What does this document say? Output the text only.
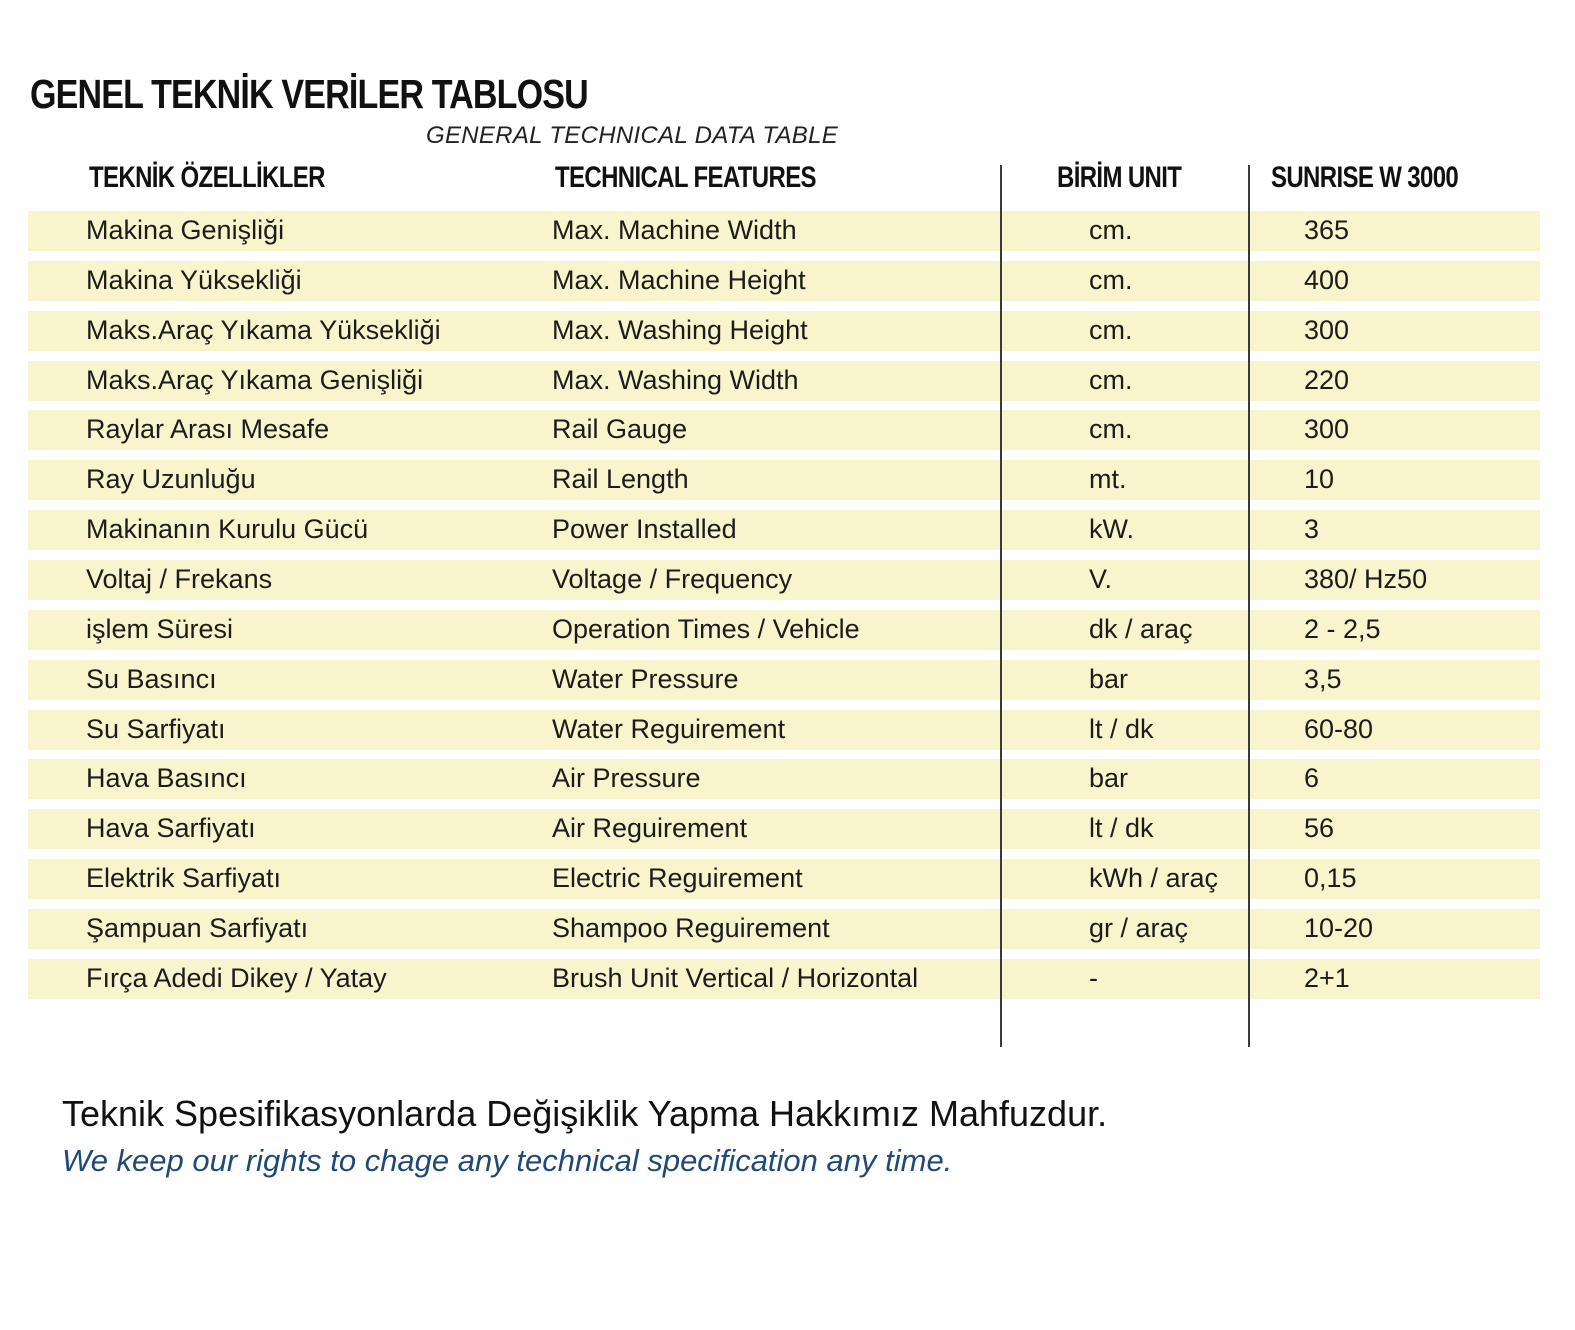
GENEL TEKNİK VERİLER TABLOSU
GENERAL TECHNICAL DATA TABLE
TEKNİK ÖZELLİKLER	TECHNICAL FEATURES	BİRİM UNIT	SUNRISE W 3000
Makina Genişliği	Max. Machine Width	cm.	365
Makina Yüksekliği	Max. Machine Height	cm.	400
Maks.Araç Yıkama Yüksekliği	Max. Washing Height	cm.	300
Maks.Araç Yıkama Genişliği	Max. Washing Width	cm.	220
Raylar Arası Mesafe	Rail Gauge	cm.	300
Ray Uzunluğu	Rail Length	mt.	10
Makinanın Kurulu Gücü	Power Installed	kW.	3
Voltaj / Frekans	Voltage / Frequency	V.	380/ Hz50
işlem Süresi	Operation Times / Vehicle	dk / araç	2 - 2,5
Su Basıncı	Water Pressure	bar	3,5
Su Sarfiyatı	Water Reguirement	lt / dk	60-80
Hava Basıncı	Air Pressure	bar	6
Hava Sarfiyatı	Air Reguirement	lt / dk	56
Elektrik Sarfiyatı	Electric Reguirement	kWh / araç	0,15
Şampuan Sarfiyatı	Shampoo Reguirement	gr / araç	10-20
Fırça Adedi Dikey / Yatay	Brush Unit Vertical / Horizontal	-	2+1
Teknik Spesifikasyonlarda Değişiklik Yapma Hakkımız Mahfuzdur.
We keep our rights to chage any technical specification any time.
